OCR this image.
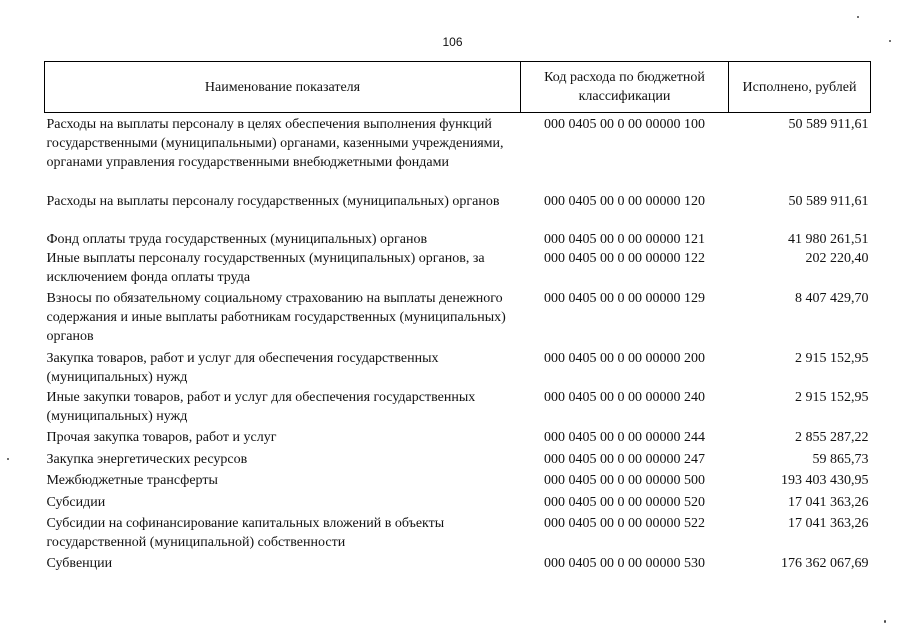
106
Наименование показателя	Код расхода по бюджетной классификации	Исполнено, рублей
Расходы на выплаты персоналу в целях обеспечения выполнения функций государственными (муниципальными) органами, казенными учреждениями, органами управления государственными внебюджетными фондами	000 0405 00 0 00 00000 100	50 589 911,61
Расходы на выплаты персоналу государственных (муниципальных) органов	000 0405 00 0 00 00000 120	50 589 911,61
Фонд оплаты труда государственных (муниципальных) органов	000 0405 00 0 00 00000 121	41 980 261,51
Иные выплаты персоналу государственных (муниципальных) органов, за исключением фонда оплаты труда	000 0405 00 0 00 00000 122	202 220,40
Взносы по обязательному социальному страхованию на выплаты денежного содержания и иные выплаты работникам государственных (муниципальных) органов	000 0405 00 0 00 00000 129	8 407 429,70
Закупка товаров, работ и услуг для обеспечения государственных (муниципальных) нужд	000 0405 00 0 00 00000 200	2 915 152,95
Иные закупки товаров, работ и услуг для обеспечения государственных (муниципальных) нужд	000 0405 00 0 00 00000 240	2 915 152,95
Прочая закупка товаров, работ и услуг	000 0405 00 0 00 00000 244	2 855 287,22
Закупка энергетических ресурсов	000 0405 00 0 00 00000 247	59 865,73
Межбюджетные трансферты	000 0405 00 0 00 00000 500	193 403 430,95
Субсидии	000 0405 00 0 00 00000 520	17 041 363,26
Субсидии на софинансирование капитальных вложений в объекты государственной (муниципальной) собственности	000 0405 00 0 00 00000 522	17 041 363,26
Субвенции	000 0405 00 0 00 00000 530	176 362 067,69
